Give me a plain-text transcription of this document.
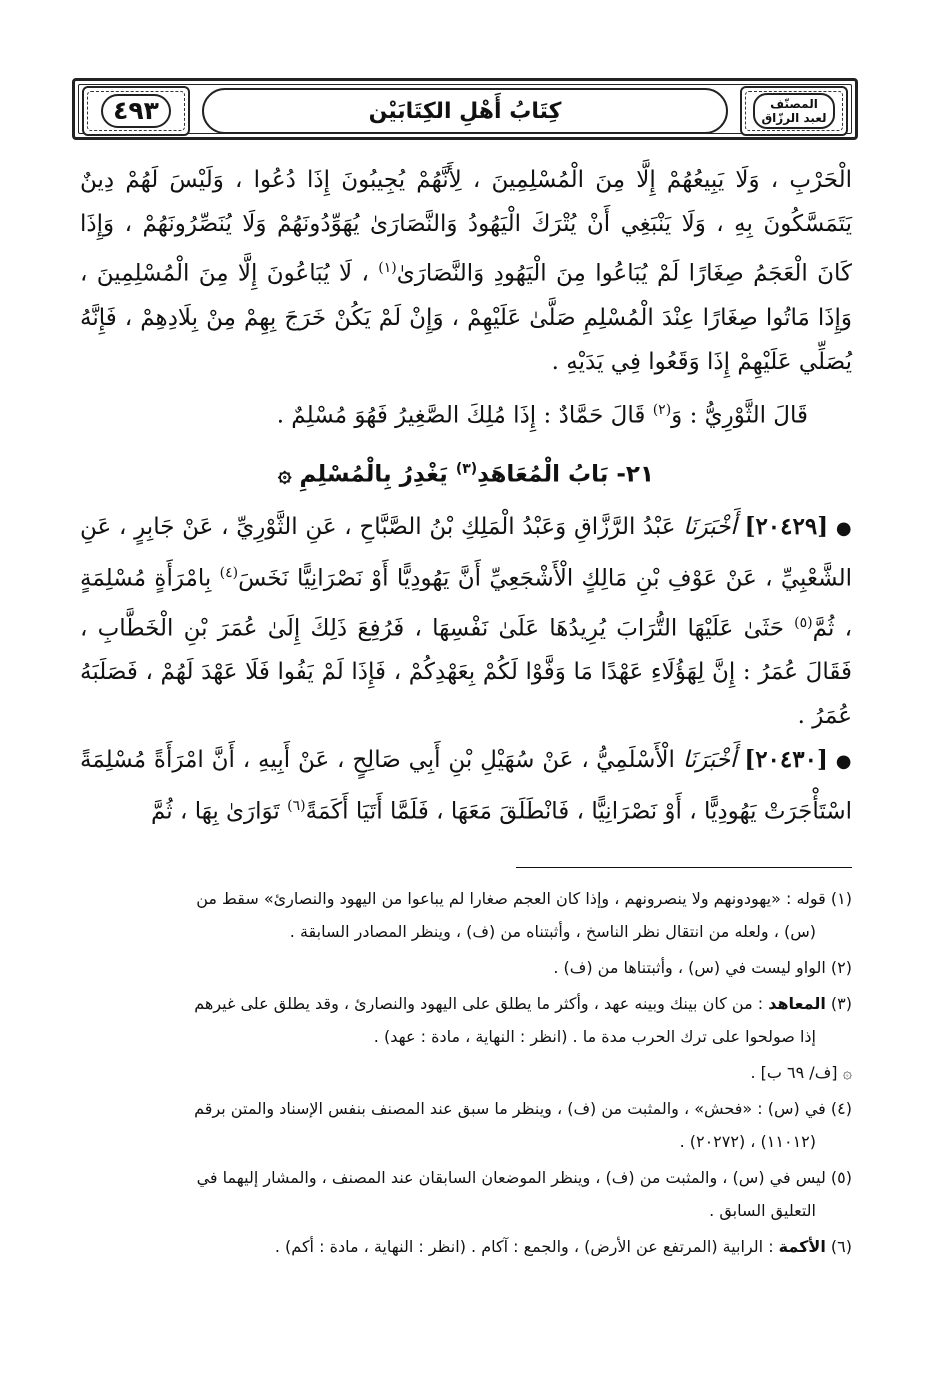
المصنّف
لعبد الرزّاق
كِتَابُ أَهْلِ الكِتَابَيْن
٤٩٣

الْحَرْبِ ، وَلَا يَبِيعُهُمْ إِلَّا مِنَ الْمُسْلِمِينَ ، لِأَنَّهُمْ يُجِيبُونَ إِذَا دُعُوا ، وَلَيْسَ لَهُمْ دِينٌ يَتَمَسَّكُونَ بِهِ ، وَلَا يَنْبَغِي أَنْ يُتْرَكَ الْيَهُودُ وَالنَّصَارَىٰ يُهَوِّدُونَهُمْ وَلَا يُنَصِّرُونَهُمْ ، وَإِذَا كَانَ الْعَجَمُ صِغَارًا لَمْ يُبَاعُوا مِنَ الْيَهُودِ وَالنَّصَارَىٰ$^{(١)}$ ، لَا يُبَاعُونَ إِلَّا مِنَ الْمُسْلِمِينَ ، وَإِذَا مَاتُوا صِغَارًا عِنْدَ الْمُسْلِمِ صَلَّىٰ عَلَيْهِمْ ، وَإِنْ لَمْ يَكُنْ خَرَجَ بِهِمْ مِنْ بِلَادِهِمْ ، فَإِنَّهُ يُصَلِّي عَلَيْهِمْ إِذَا وَقَعُوا فِي يَدَيْهِ .

قَالَ الثَّوْرِيُّ : وَ$^{(٢)}$ قَالَ حَمَّادٌ : إِذَا مُلِكَ الصَّغِيرُ فَهُوَ مُسْلِمٌ .

٢١- بَابُ الْمُعَاهَدِ$^{(٣)}$ يَغْدِرُ بِالْمُسْلِمِ ۞

● [٢٠٤٢٩] أَخْبَرَنَا عَبْدُ الرَّزَّاقِ وَعَبْدُ الْمَلِكِ بْنُ الصَّبَّاحِ ، عَنِ الثَّوْرِيِّ ، عَنْ جَابِرٍ ، عَنِ الشَّعْبِيِّ ، عَنْ عَوْفِ بْنِ مَالِكٍ الْأَشْجَعِيِّ أَنَّ يَهُودِيًّا أَوْ نَصْرَانِيًّا نَخَسَ$^{(٤)}$ بِامْرَأَةٍ مُسْلِمَةٍ ، ثُمَّ$^{(٥)}$ حَثَىٰ عَلَيْهَا التُّرَابَ يُرِيدُهَا عَلَىٰ نَفْسِهَا ، فَرُفِعَ ذَلِكَ إِلَىٰ عُمَرَ بْنِ الْخَطَّابِ ، فَقَالَ عُمَرُ : إِنَّ لِهَؤُلَاءِ عَهْدًا مَا وَفَّوْا لَكُمْ بِعَهْدِكُمْ ، فَإِذَا لَمْ يَفُوا فَلَا عَهْدَ لَهُمْ ، فَصَلَبَهُ عُمَرُ .

● [٢٠٤٣٠] أَخْبَرَنَا الْأَسْلَمِيُّ ، عَنْ سُهَيْلِ بْنِ أَبِي صَالِحٍ ، عَنْ أَبِيهِ ، أَنَّ امْرَأَةً مُسْلِمَةً اسْتَأْجَرَتْ يَهُودِيًّا ، أَوْ نَصْرَانِيًّا ، فَانْطَلَقَ مَعَهَا ، فَلَمَّا أَتَيَا أَكَمَةً$^{(٦)}$ تَوَارَىٰ بِهَا ، ثُمَّ

(١) قوله : «يهودونهم ولا ينصرونهم ، وإذا كان العجم صغارا لم يباعوا من اليهود والنصارئ» سقط من
(س) ، ولعله من انتقال نظر الناسخ ، وأثبتناه من (ف) ، وينظر المصادر السابقة .

(٢) الواو ليست في (س) ، وأثبتناها من (ف) .

(٣) المعاهد : من كان بينك وبينه عهد ، وأكثر ما يطلق على اليهود والنصارئ ، وقد يطلق على غيرهم
إذا صولحوا على ترك الحرب مدة ما . (انظر : النهاية ، مادة : عهد) .

۞ [ف/ ٦٩ ب] .

(٤) في (س) : «فحش» ، والمثبت من (ف) ، وينظر ما سبق عند المصنف بنفس الإسناد والمتن برقم
(١١٠١٢) ، (٢٠٢٧٢) .

(٥) ليس في (س) ، والمثبت من (ف) ، وينظر الموضعان السابقان عند المصنف ، والمشار إليهما في
التعليق السابق .

(٦) الأكمة : الرابية (المرتفع عن الأرض) ، والجمع : آكام . (انظر : النهاية ، مادة : أكم) .
